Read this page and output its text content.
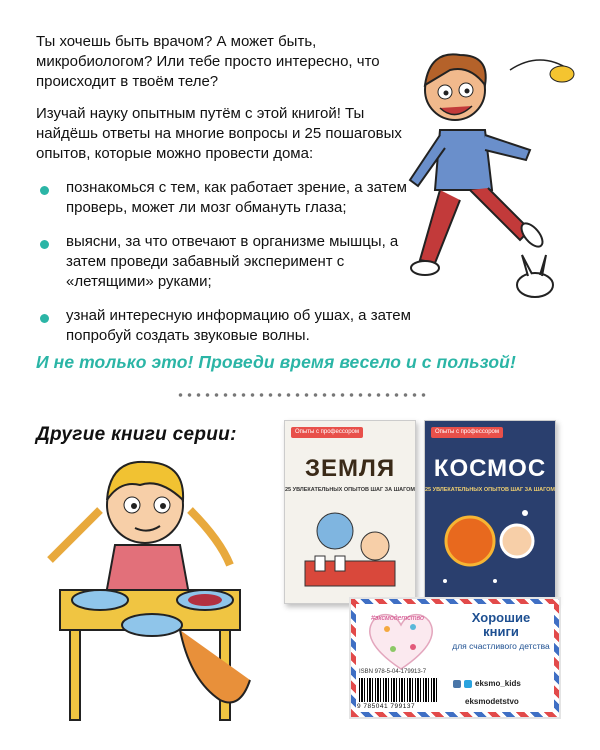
Ты хочешь быть врачом? А может быть, микробиологом? Или тебе просто интересно, что происходит в твоём теле?

Изучай науку опытным путём с этой книгой! Ты найдёшь ответы на многие вопросы и 25 пошаговых опытов, которые можно провести дома:

познакомься с тем, как работает зрение, а затем проверь, может ли мозг обмануть глаза;
выясни, за что отвечают в организме мышцы, а затем проведи забавный эксперимент с «летящими» руками;
узнай интересную информацию об ушах, а затем попробуй создать звуковые волны.
И не только это! Проведи время весело и с пользой!
Другие книги серии:	Опыты с профессором
ЗЕМЛЯ
25 УВЛЕКАТЕЛЬНЫХ ОПЫТОВ ШАГ ЗА ШАГОМ
Опыты с профессором
КОСМОС
25 УВЛЕКАТЕЛЬНЫХ ОПЫТОВ ШАГ ЗА ШАГОМ
#эксмодетство	Хорошие
книги
для счастливого детства
ISBN 978-5-04-179913-7
9 785041 799137
eksmo_kids
eksmodetstvo
